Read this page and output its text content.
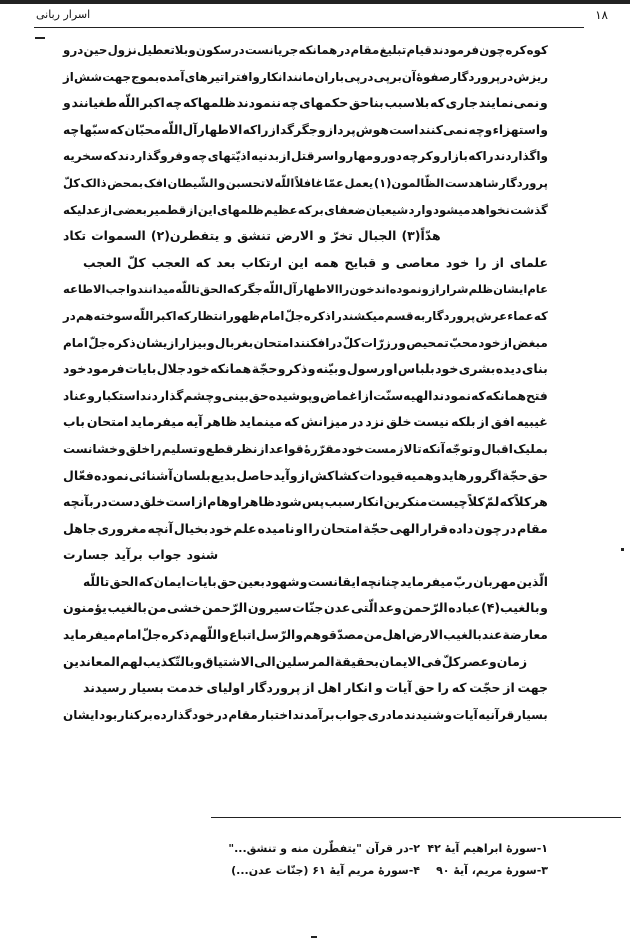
اسرار ربانی	۱۸
و در حین نزول بلاتعطیل و سکون در جریانست همانکه در مقام تبلیغ قیام فرمودند چون کره کوه
از شش جهت بموج آمده تیرهای افترا و انکار مانند باران پی در پی بر آن صفوهٔ پروردگار در ریزش
و طغیانند اللّه اکبر چه ظلمهاکه ننمودند چه حکمهای بناحق بلاسبب که جاری نمی‌نمایند و
چه سبّها که محبّان آل‌اللّه الاطهار راکه جگرگداز و هوش‌پرداز است نمی‌کنند وچه استهزاء و
سخریه که فروگذاردند و چه اذیّتهای بدنیه از قتل اسر و مهار و دور کرچه و بازار راکه واگذاردند
کلّ ذالک بمحض افک الشّیطان و لاتحسبن اللّه غافلاً عمّا یعمل الظّالمون(۱) شاهدست پروردگار
عدلیکه از بعضی قطمیر از این ظلمهای عظیم که بر ضعفای شیعیان وارد میشود نخواهد گذشت
تکاد السموات یتفطرن(۲) و تنشق الارض و تخرّ الجبال هدّاً(۳)
العجب کلّ العجب که بعد ارتکاب این همه قبایح و معاصی خود را از علمای
واجب‌الاطاعه میدانند تاللّه الحق که جگر آل‌اللّه الاطهار را خون نموده‌اند و از شرار ظلم ایشان عام
در هم سوخته اللّه اکبر که انتظار ظهور امام جلّ ذکره را میکشند قسم به پروردگار عرش عماء که
امام جلّ ذکره ازیشان بیزار و بغربال امتحان درافکنند کلّ زرّات ر و تمحیص محبّ خود از مبغض
خود فرمود بایات جلال خود همانکه حجّة و ذکر و بیّنه و رسول او بلباس خود بشری دیده بنای
عناد و استکبار گذاردند وچشم حق‌بینی پوشیده و اغماض از سنّت الهیه نمودند که همانکه فتح
باب امتحان میفرماید آیه ظاهر مینماید که میزانش در نزد خلق نیست بلکه از افق غیبیه
خشانست و خلق را تسلیم و قطع نظر از قواعد مقرّرهٔ خود لازمست تا آنکه توجّه و اقبال بملیک
فعّال نموده آشنائی بلسان بدیع حاصل آید و از کشاکش قیودات وهمیه رهاید و اگر حجّة حق
بآنچه در دست خلق است از اوهام ظاهر شود پس سبب انکار منکرین چیست کلاً لمّ کلاًکه هر
جاهل مغروری آنچه بخیال خود علم نامیده او را امتحان حجّة الهی قرار داده چون در مقام
جسارت برآید جواب شنود
تاللّه الحق که ایمان بایات حق بعین شهود و ایقانست چنانچه میفرماید ربّ مهربان الّذین
یؤمنون بالغیب من خشی الرّحمن سیرون جنّات عدن الّتی وعد الرّحمن عباده بالغیب(۴) و
میفرماید امام جلّ ذکره اللّهم و اتباع الرّسل و مصدّقوهم من اهل الارض بالغیب عند معارضة
المعاندین لهم بالتّکذیب و الاشتیاق الی المرسلین بحقیقة الایمان فی کلّ عصر و زمان
رسیدند بسیار خدمت اولیای پروردگار از اهل انکار و آیات حق را که حجّت از جهت
ایشان بود برکنار گذارده خود در مقام اختبار برآمدند جواب مادری شنیدند و آیات قرآنیه بسیار
۱-سورهٔ ابراهیم آیهٔ ۴۲
۳-سورهٔ مریم، آیهٔ ۹۰
۲-در قرآن "یتفطّرن منه و تنشق..."
۴-سورهٔ مریم آیهٔ ۶۱ (جنّات عدن...)
